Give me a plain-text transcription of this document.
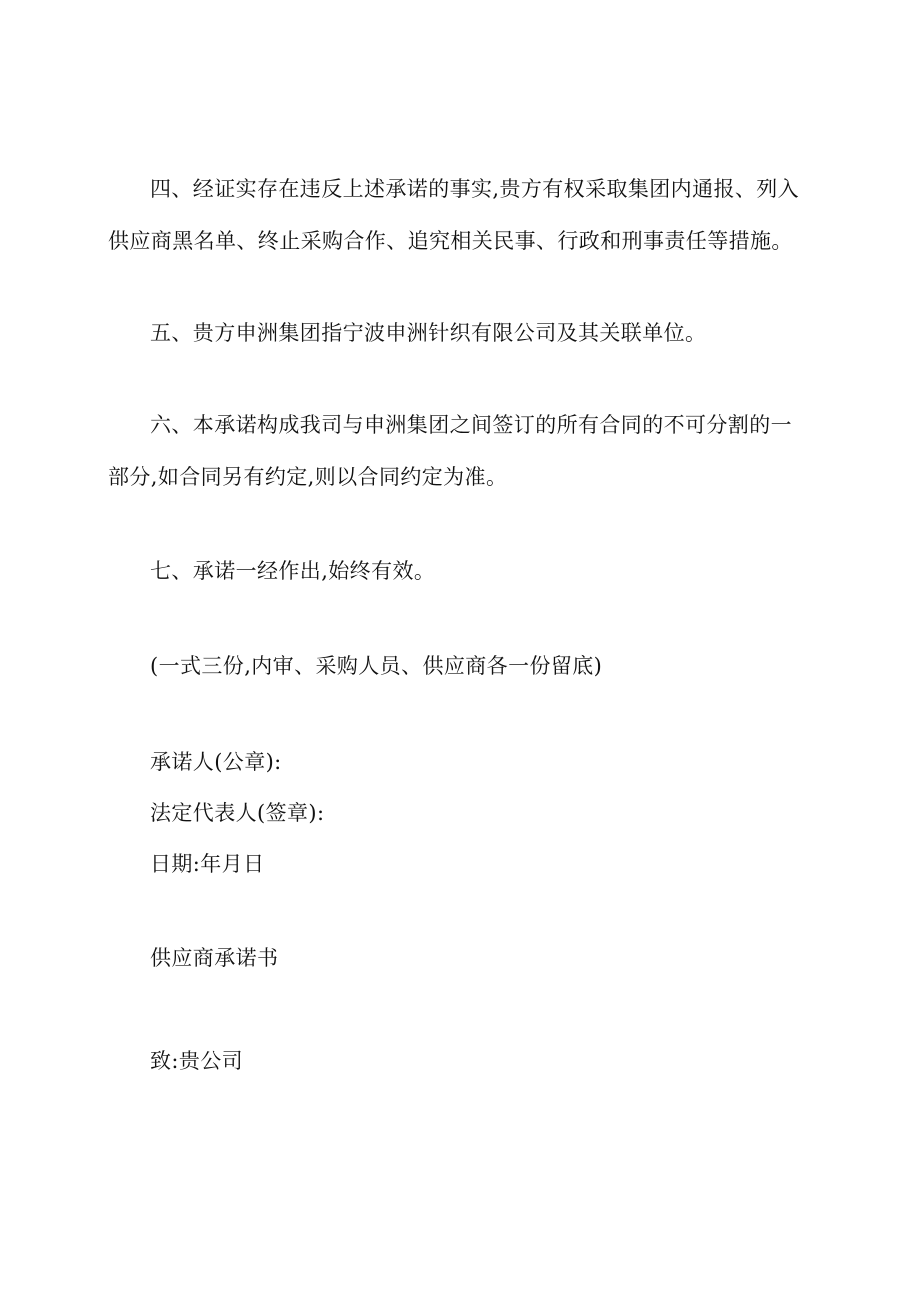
四、经证实存在违反上述承诺的事实,贵方有权采取集团内通报、列入
供应商黑名单、终止采购合作、追究相关民事、行政和刑事责任等措施。
五、贵方申洲集团指宁波申洲针织有限公司及其关联单位。
六、本承诺构成我司与申洲集团之间签订的所有合同的不可分割的一
部分,如合同另有约定,则以合同约定为准。
七、承诺一经作出,始终有效。
(一式三份,内审、采购人员、供应商各一份留底)
承诺人(公章):
法定代表人(签章):
日期:年月日
供应商承诺书
致:贵公司
